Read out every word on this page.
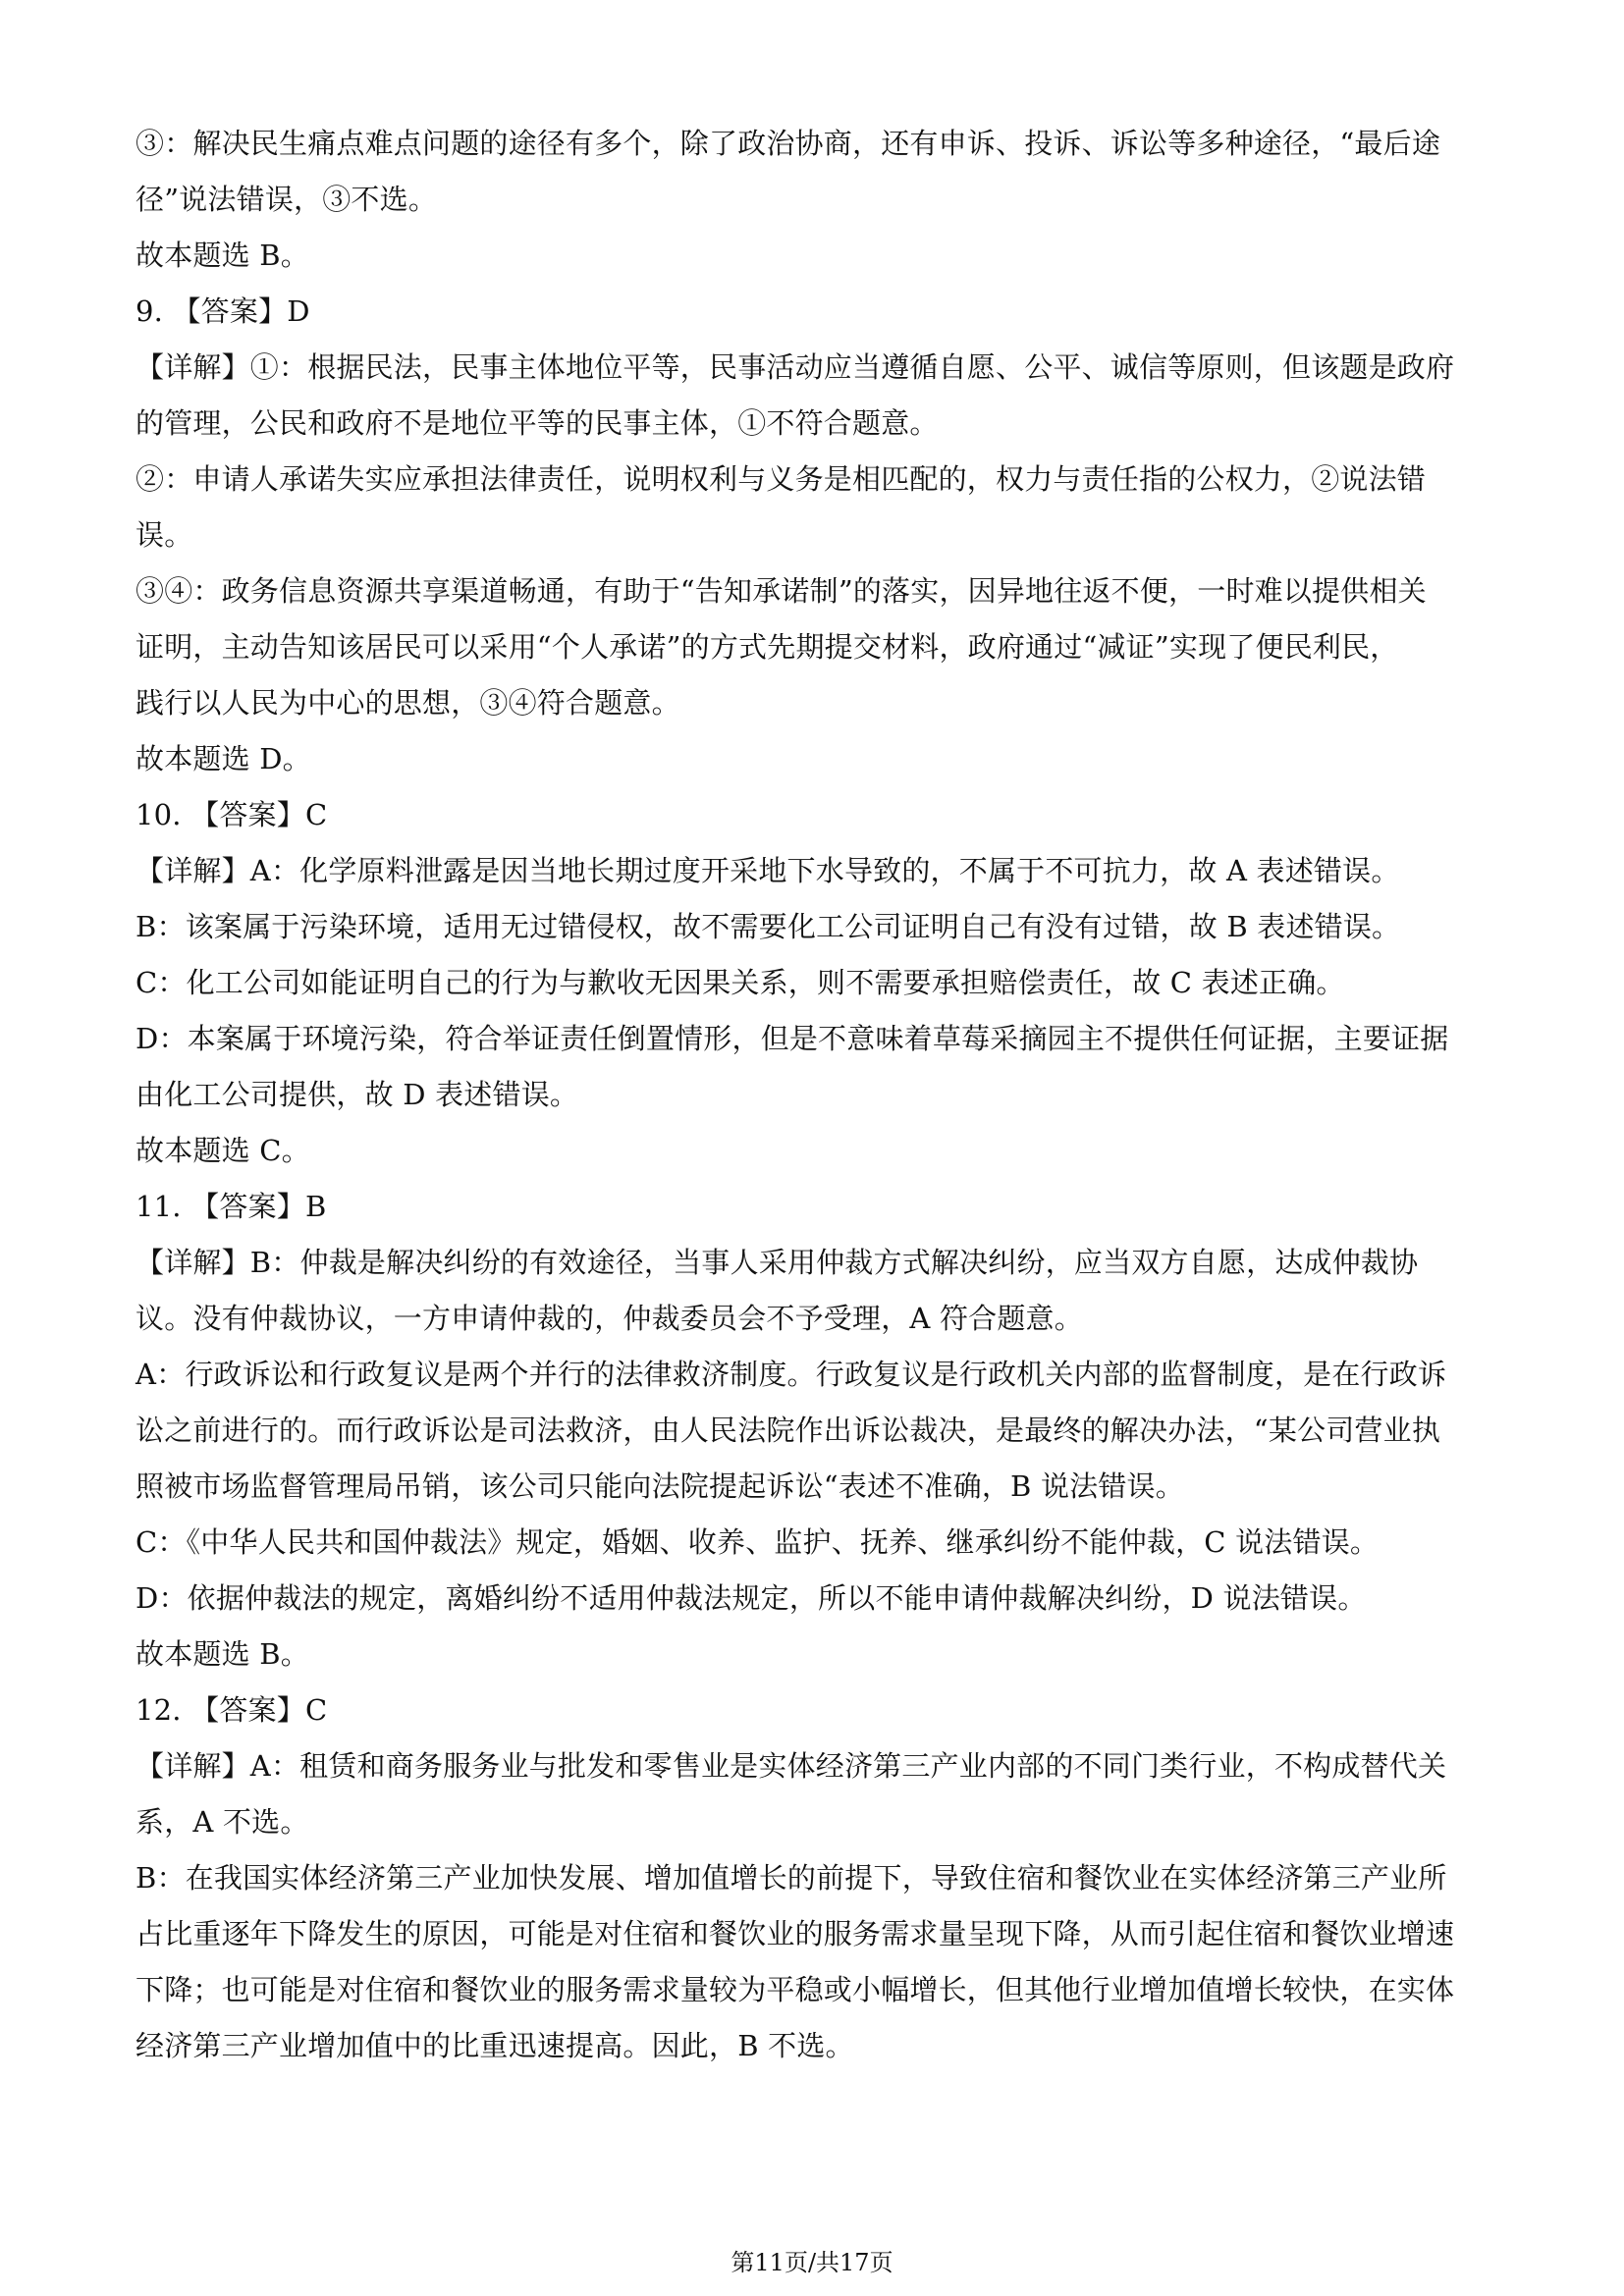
③：解决民生痛点难点问题的途径有多个，除了政治协商，还有申诉、投诉、诉讼等多种途径，“最后途
径”说法错误，③不选。
故本题选 B。
9. 【答案】D
【详解】①：根据民法，民事主体地位平等，民事活动应当遵循自愿、公平、诚信等原则，但该题是政府
的管理，公民和政府不是地位平等的民事主体，①不符合题意。
②：申请人承诺失实应承担法律责任，说明权利与义务是相匹配的，权力与责任指的公权力，②说法错
误。
③④：政务信息资源共享渠道畅通，有助于“告知承诺制”的落实，因异地往返不便，一时难以提供相关
证明，主动告知该居民可以采用“个人承诺”的方式先期提交材料，政府通过“减证”实现了便民利民，
践行以人民为中心的思想，③④符合题意。
故本题选 D。
10. 【答案】C
【详解】A：化学原料泄露是因当地长期过度开采地下水导致的，不属于不可抗力，故 A 表述错误。
B：该案属于污染环境，适用无过错侵权，故不需要化工公司证明自己有没有过错，故 B 表述错误。
C：化工公司如能证明自己的行为与歉收无因果关系，则不需要承担赔偿责任，故 C 表述正确。
D：本案属于环境污染，符合举证责任倒置情形，但是不意味着草莓采摘园主不提供任何证据，主要证据
由化工公司提供，故 D 表述错误。
故本题选 C。
11. 【答案】B
【详解】B：仲裁是解决纠纷的有效途径，当事人采用仲裁方式解决纠纷，应当双方自愿，达成仲裁协
议。没有仲裁协议，一方申请仲裁的，仲裁委员会不予受理，A 符合题意。
A：行政诉讼和行政复议是两个并行的法律救济制度。行政复议是行政机关内部的监督制度，是在行政诉
讼之前进行的。而行政诉讼是司法救济，由人民法院作出诉讼裁决，是最终的解决办法，“某公司营业执
照被市场监督管理局吊销，该公司只能向法院提起诉讼“表述不准确，B 说法错误。
C：《中华人民共和国仲裁法》规定，婚姻、收养、监护、抚养、继承纠纷不能仲裁，C 说法错误。
D：依据仲裁法的规定，离婚纠纷不适用仲裁法规定，所以不能申请仲裁解决纠纷，D 说法错误。
故本题选 B。
12. 【答案】C
【详解】A：租赁和商务服务业与批发和零售业是实体经济第三产业内部的不同门类行业，不构成替代关
系，A 不选。
B：在我国实体经济第三产业加快发展、增加值增长的前提下，导致住宿和餐饮业在实体经济第三产业所
占比重逐年下降发生的原因，可能是对住宿和餐饮业的服务需求量呈现下降，从而引起住宿和餐饮业增速
下降；也可能是对住宿和餐饮业的服务需求量较为平稳或小幅增长，但其他行业增加值增长较快，在实体
经济第三产业增加值中的比重迅速提高。因此，B 不选。
第11页/共17页
